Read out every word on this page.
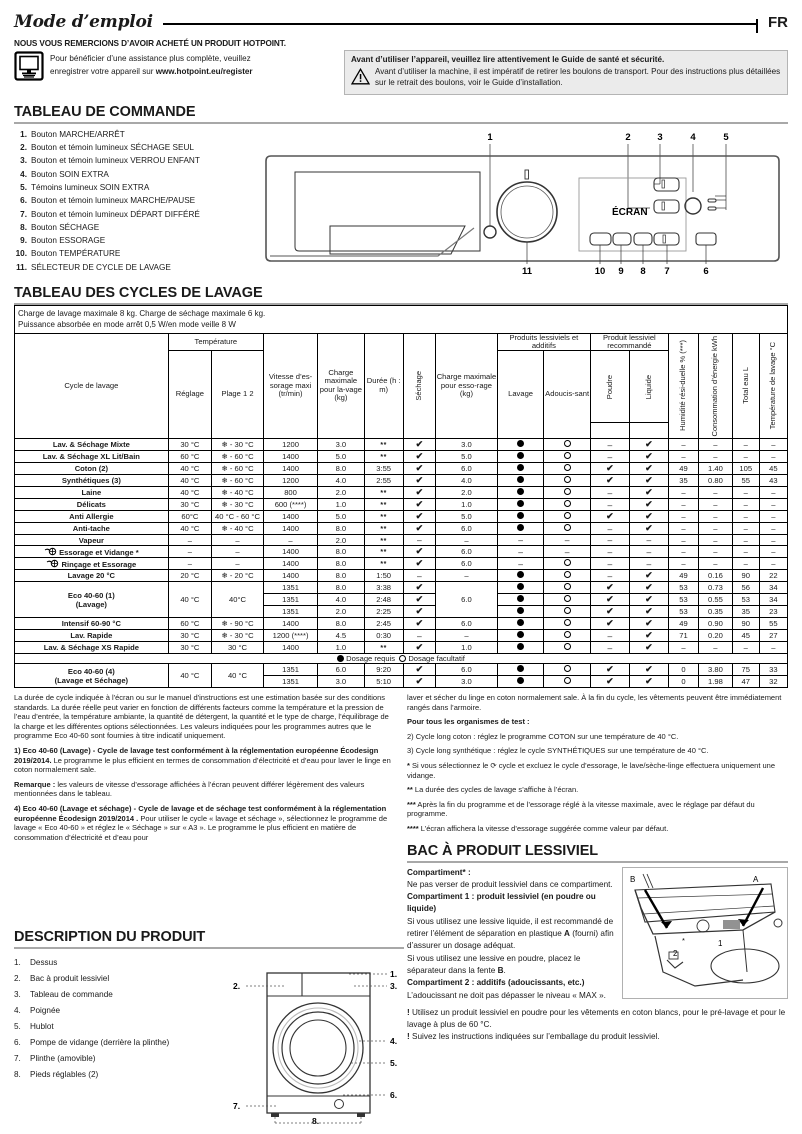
Mode d’emploi	FR
NOUS VOUS REMERCIONS D’AVOIR ACHETÉ UN PRODUIT HOTPOINT.
Pour bénéficier d’une assistance plus complète, veuillez
enregistrer votre appareil sur www.hotpoint.eu/register
Avant d’utiliser l’appareil, veuillez lire attentivement le Guide de santé et sécurité.
Avant d’utiliser la machine, il est impératif de retirer les boulons de transport. Pour des instructions plus détaillées sur le retrait des boulons, voir le Guide d’installation.
TABLEAU DE COMMANDE
1. Bouton MARCHE/ARRÊT
2. Bouton et témoin lumineux SÉCHAGE SEUL
3. Bouton et témoin lumineux VERROU ENFANT
4. Bouton SOIN EXTRA
5. Témoins lumineux SOIN EXTRA
6. Bouton et témoin lumineux MARCHE/PAUSE
7. Bouton et témoin lumineux DÉPART DIFFÉRÉ
8. Bouton SÉCHAGE
9. Bouton ESSORAGE
10. Bouton TEMPÉRATURE
11. SÉLECTEUR DE CYCLE DE LAVAGE
1	2	3	4	5
ÉCRAN
11	10 9 8 7	6
TABLEAU DES CYCLES DE LAVAGE
Charge de lavage maximale 8 kg. Charge de séchage maximale 6 kg.
Puissance absorbée en mode arrêt 0,5 W/en mode veille 8 W
Cycle de lavage	Température		Vitesse d’es-sorage maxi (tr/min)	Charge maximale pour la-vage (kg)	Durée (h : m)	Séchage	Charge maximale pour esso-rage (kg)	Produits lessiviels et additifs		Produit lessiviel recommandé		Humidité rési-duelle % (***)	Consommation d’énergie kWh	Total eau L	Température de lavage °C

	Réglage	Plage 1 2						Lavage	Adoucis-sant	Poudre	Liquide				

Lav. & Séchage Mixte	30 °C	❄ - 30 °C	1200	3.0	**	✔	3.0			–	✔	–	–	–	–
Lav. & Séchage XL Lit/Bain	60 °C	❄ - 60 °C	1400	5.0	**	✔	5.0			–	✔	–	–	–	–
Coton (2)	40 °C	❄ - 60 °C	1400	8.0	3:55	✔	6.0			✔	✔	49	1.40	105	45
Synthétiques (3)	40 °C	❄ - 60 °C	1200	4.0	2:55	✔	4.0			✔	✔	35	0.80	55	43
Laine	40 °C	❄ - 40 °C	800	2.0	**	✔	2.0			–	✔	–	–	–	–
Délicats	30 °C	❄ - 30 °C	600 (****)	1.0	**	✔	1.0			–	✔	–	–	–	–
Anti Allergie	60°C	40 °C - 60 °C	1400	5.0	**	✔	5.0			✔	✔	–	–	–	–
Anti-tache	40 °C	❄ - 40 °C	1400	8.0	**	✔	6.0			–	✔	–	–	–	–
Vapeur	–	–	–	2.0	**	–	–	–	–	–	–	–	–	–	–
Essorage et Vidange *	–	–	1400	8.0	**	✔	6.0	–	–	–	–	–	–	–	–
Rinçage et Essorage	–	–	1400	8.0	**	✔	6.0	–		–	–	–	–	–	–
Lavage 20 °C	20 °C	❄ - 20 °C	1400	8.0	1:50	–	–			–	✔	49	0.16	90	22
Eco 40-60 (1)
(Lavage)	40 °C	40°C	1351	8.0	3:38	✔	6.0			✔	✔	53	0.73	56	34
			1351	4.0	2:48	✔				✔	✔	53	0.55	53	34
			1351	2.0	2:25	✔				✔	✔	53	0.35	35	23
Intensif 60-90 °C	60 °C	❄ - 90 °C	1400	8.0	2:45	✔	6.0			✔	✔	49	0.90	90	55
Lav. Rapide	30 °C	❄ - 30 °C	1200 (****)	4.5	0:30	–	–			–	✔	71	0.20	45	27
Lav. & Séchage XS Rapide	30 °C	30 °C	1400	1.0	**	✔	1.0			–	✔	–	–	–	–
Dosage requis Dosage facultatif															
Eco 40-60 (4)
(Lavage et Séchage)	40 °C	40 °C	1351	6.0	9:20	✔	6.0			✔	✔	0	3.80	75	33
			1351	3.0	5:10	✔	3.0			✔	✔	0	1.98	47	32
La durée de cycle indiquée à l'écran ou sur le manuel d'instructions est une estimation basée sur des conditions standards. La durée réelle peut varier en fonction de différents facteurs comme la température et la pression de l’eau d’entrée, la température ambiante, la quantité de détergent, la quantité et le type de charge, l’équilibrage de la charge et les différentes options sélectionnées. Les valeurs indiquées pour les programmes autres que le programme Eco 40-60 sont fournies à titre indicatif uniquement.
1) Eco 40-60 (Lavage) - Cycle de lavage test conformément à la réglementation européenne Écodesign 2019/2014. Le programme le plus efficient en termes de consommation d’électricité et d’eau pour laver le linge en coton normalement sale.
Remarque : les valeurs de vitesse d’essorage affichées à l’écran peuvent différer légèrement des valeurs mentionnées dans le tableau.
4) Eco 40-60 (Lavage et séchage) - Cycle de lavage et de séchage test conformément à la réglementation européenne Écodesign 2019/2014 . Pour utiliser le cycle « lavage et séchage », sélectionnez le programme de lavage « Eco 40-60 » et réglez le « Séchage » sur « A3 ». Le programme le plus efficient en matière de consommation d’électricité et d’eau pour
laver et sécher du linge en coton normalement sale. À la fin du cycle, les vêtements peuvent être immédiatement rangés dans l’armoire.
Pour tous les organismes de test :
2) Cycle long coton : réglez le programme COTON sur une température de 40 °C.
3) Cycle long synthétique : réglez le cycle SYNTHÉTIQUES sur une température de 40 °C.
* Si vous sélectionnez le ⟳ cycle et excluez le cycle d’essorage, le lave/sèche-linge effectuera uniquement une vidange.
** La durée des cycles de lavage s’affiche à l’écran.
*** Après la fin du programme et de l’essorage réglé à la vitesse maximale, avec le réglage par défaut du programme.
**** L’écran affichera la vitesse d’essorage suggérée comme valeur par défaut.
BAC À PRODUIT LESSIVIEL
Compartiment* :
Ne pas verser de produit lessiviel dans ce compartiment.
Compartiment 1 : produit lessiviel (en poudre ou liquide)
Si vous utilisez une lessive liquide, il est recommandé de retirer l’élément de séparation en plastique A (fourni) afin d’assurer un dosage adéquat.
Si vous utilisez une lessive en poudre, placez le séparateur dans la fente B.
Compartiment 2 : additifs (adoucissants, etc.)
L’adoucissant ne doit pas dépasser le niveau « MAX ».
B	A
*	1
2
! Utilisez un produit lessiviel en poudre pour les vêtements en coton blancs, pour le pré-lavage et pour le lavage à plus de 60 °C.
! Suivez les instructions indiquées sur l’emballage du produit lessiviel.
DESCRIPTION DU PRODUIT
1.	Dessus
2.	Bac à produit lessiviel
3.	Tableau de commande
4.	Poignée
5.	Hublot
6.	Pompe de vidange (derrière la plinthe)
7.	Plinthe (amovible)
8.	Pieds réglables (2)
1.
3.
4.
5.
6.
2.
7.
8.
